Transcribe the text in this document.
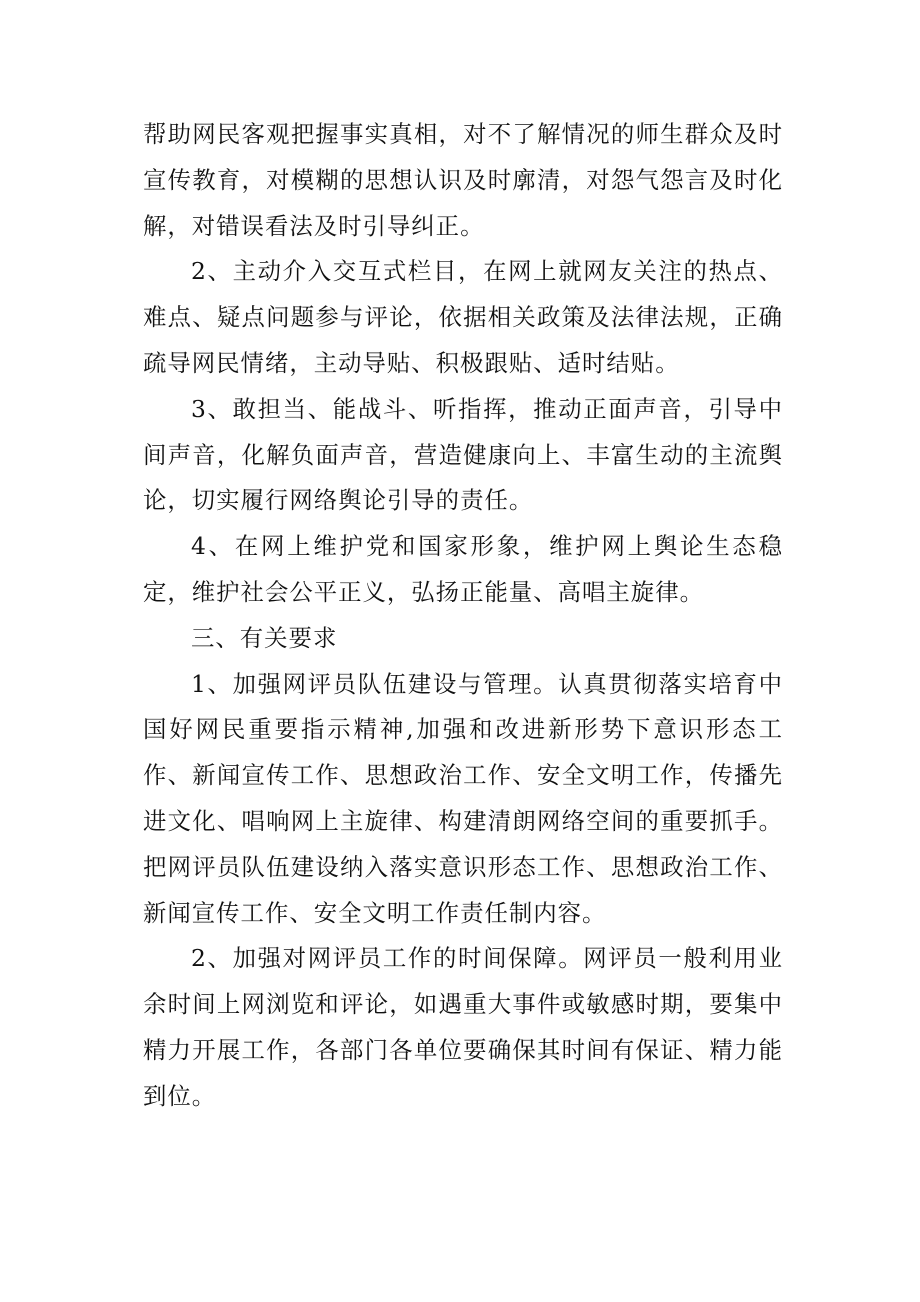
帮助网民客观把握事实真相，对不了解情况的师生群众及时宣传教育，对模糊的思想认识及时廓清，对怨气怨言及时化解，对错误看法及时引导纠正。

2、主动介入交互式栏目，在网上就网友关注的热点、难点、疑点问题参与评论，依据相关政策及法律法规，正确疏导网民情绪，主动导贴、积极跟贴、适时结贴。

3、敢担当、能战斗、听指挥，推动正面声音，引导中间声音，化解负面声音，营造健康向上、丰富生动的主流舆论，切实履行网络舆论引导的责任。

4、在网上维护党和国家形象，维护网上舆论生态稳定，维护社会公平正义，弘扬正能量、高唱主旋律。

三、有关要求

1、加强网评员队伍建设与管理。认真贯彻落实培育中国好网民重要指示精神,加强和改进新形势下意识形态工作、新闻宣传工作、思想政治工作、安全文明工作，传播先进文化、唱响网上主旋律、构建清朗网络空间的重要抓手。把网评员队伍建设纳入落实意识形态工作、思想政治工作、新闻宣传工作、安全文明工作责任制内容。

2、加强对网评员工作的时间保障。网评员一般利用业余时间上网浏览和评论，如遇重大事件或敏感时期，要集中精力开展工作，各部门各单位要确保其时间有保证、精力能到位。
